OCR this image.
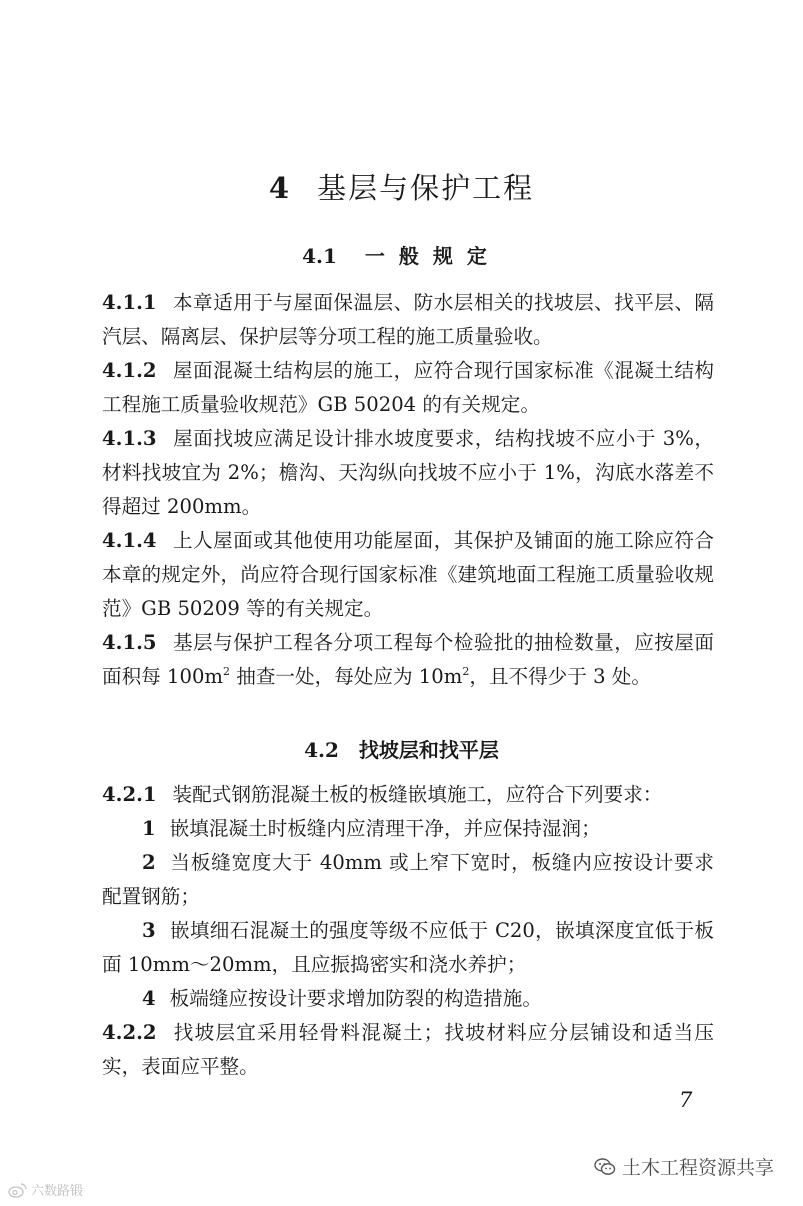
4 基层与保护工程
4.1 一般规定

4.1.1 本章适用于与屋面保温层、防水层相关的找坡层、找平层、隔汽层、隔离层、保护层等分项工程的施工质量验收。

4.1.2 屋面混凝土结构层的施工，应符合现行国家标准《混凝土结构工程施工质量验收规范》GB 50204 的有关规定。

4.1.3 屋面找坡应满足设计排水坡度要求，结构找坡不应小于 3%，材料找坡宜为 2%；檐沟、天沟纵向找坡不应小于 1%，沟底水落差不得超过 200mm。

4.1.4 上人屋面或其他使用功能屋面，其保护及铺面的施工除应符合本章的规定外，尚应符合现行国家标准《建筑地面工程施工质量验收规范》GB 50209 等的有关规定。

4.1.5 基层与保护工程各分项工程每个检验批的抽检数量，应按屋面面积每 $100m^2$ 抽查一处，每处应为 $10m^2$，且不得少于 3 处。

4.2 找坡层和找平层

4.2.1 装配式钢筋混凝土板的板缝嵌填施工，应符合下列要求：

1 嵌填混凝土时板缝内应清理干净，并应保持湿润；

2 当板缝宽度大于 40mm 或上窄下宽时，板缝内应按设计要求配置钢筋；

3 嵌填细石混凝土的强度等级不应低于 C20，嵌填深度宜低于板面 10mm～20mm，且应振捣密实和浇水养护；

4 板端缝应按设计要求增加防裂的构造措施。

4.2.2 找坡层宜采用轻骨料混凝土；找坡材料应分层铺设和适当压实，表面应平整。

7
土木工程资源共享
六数路锻
